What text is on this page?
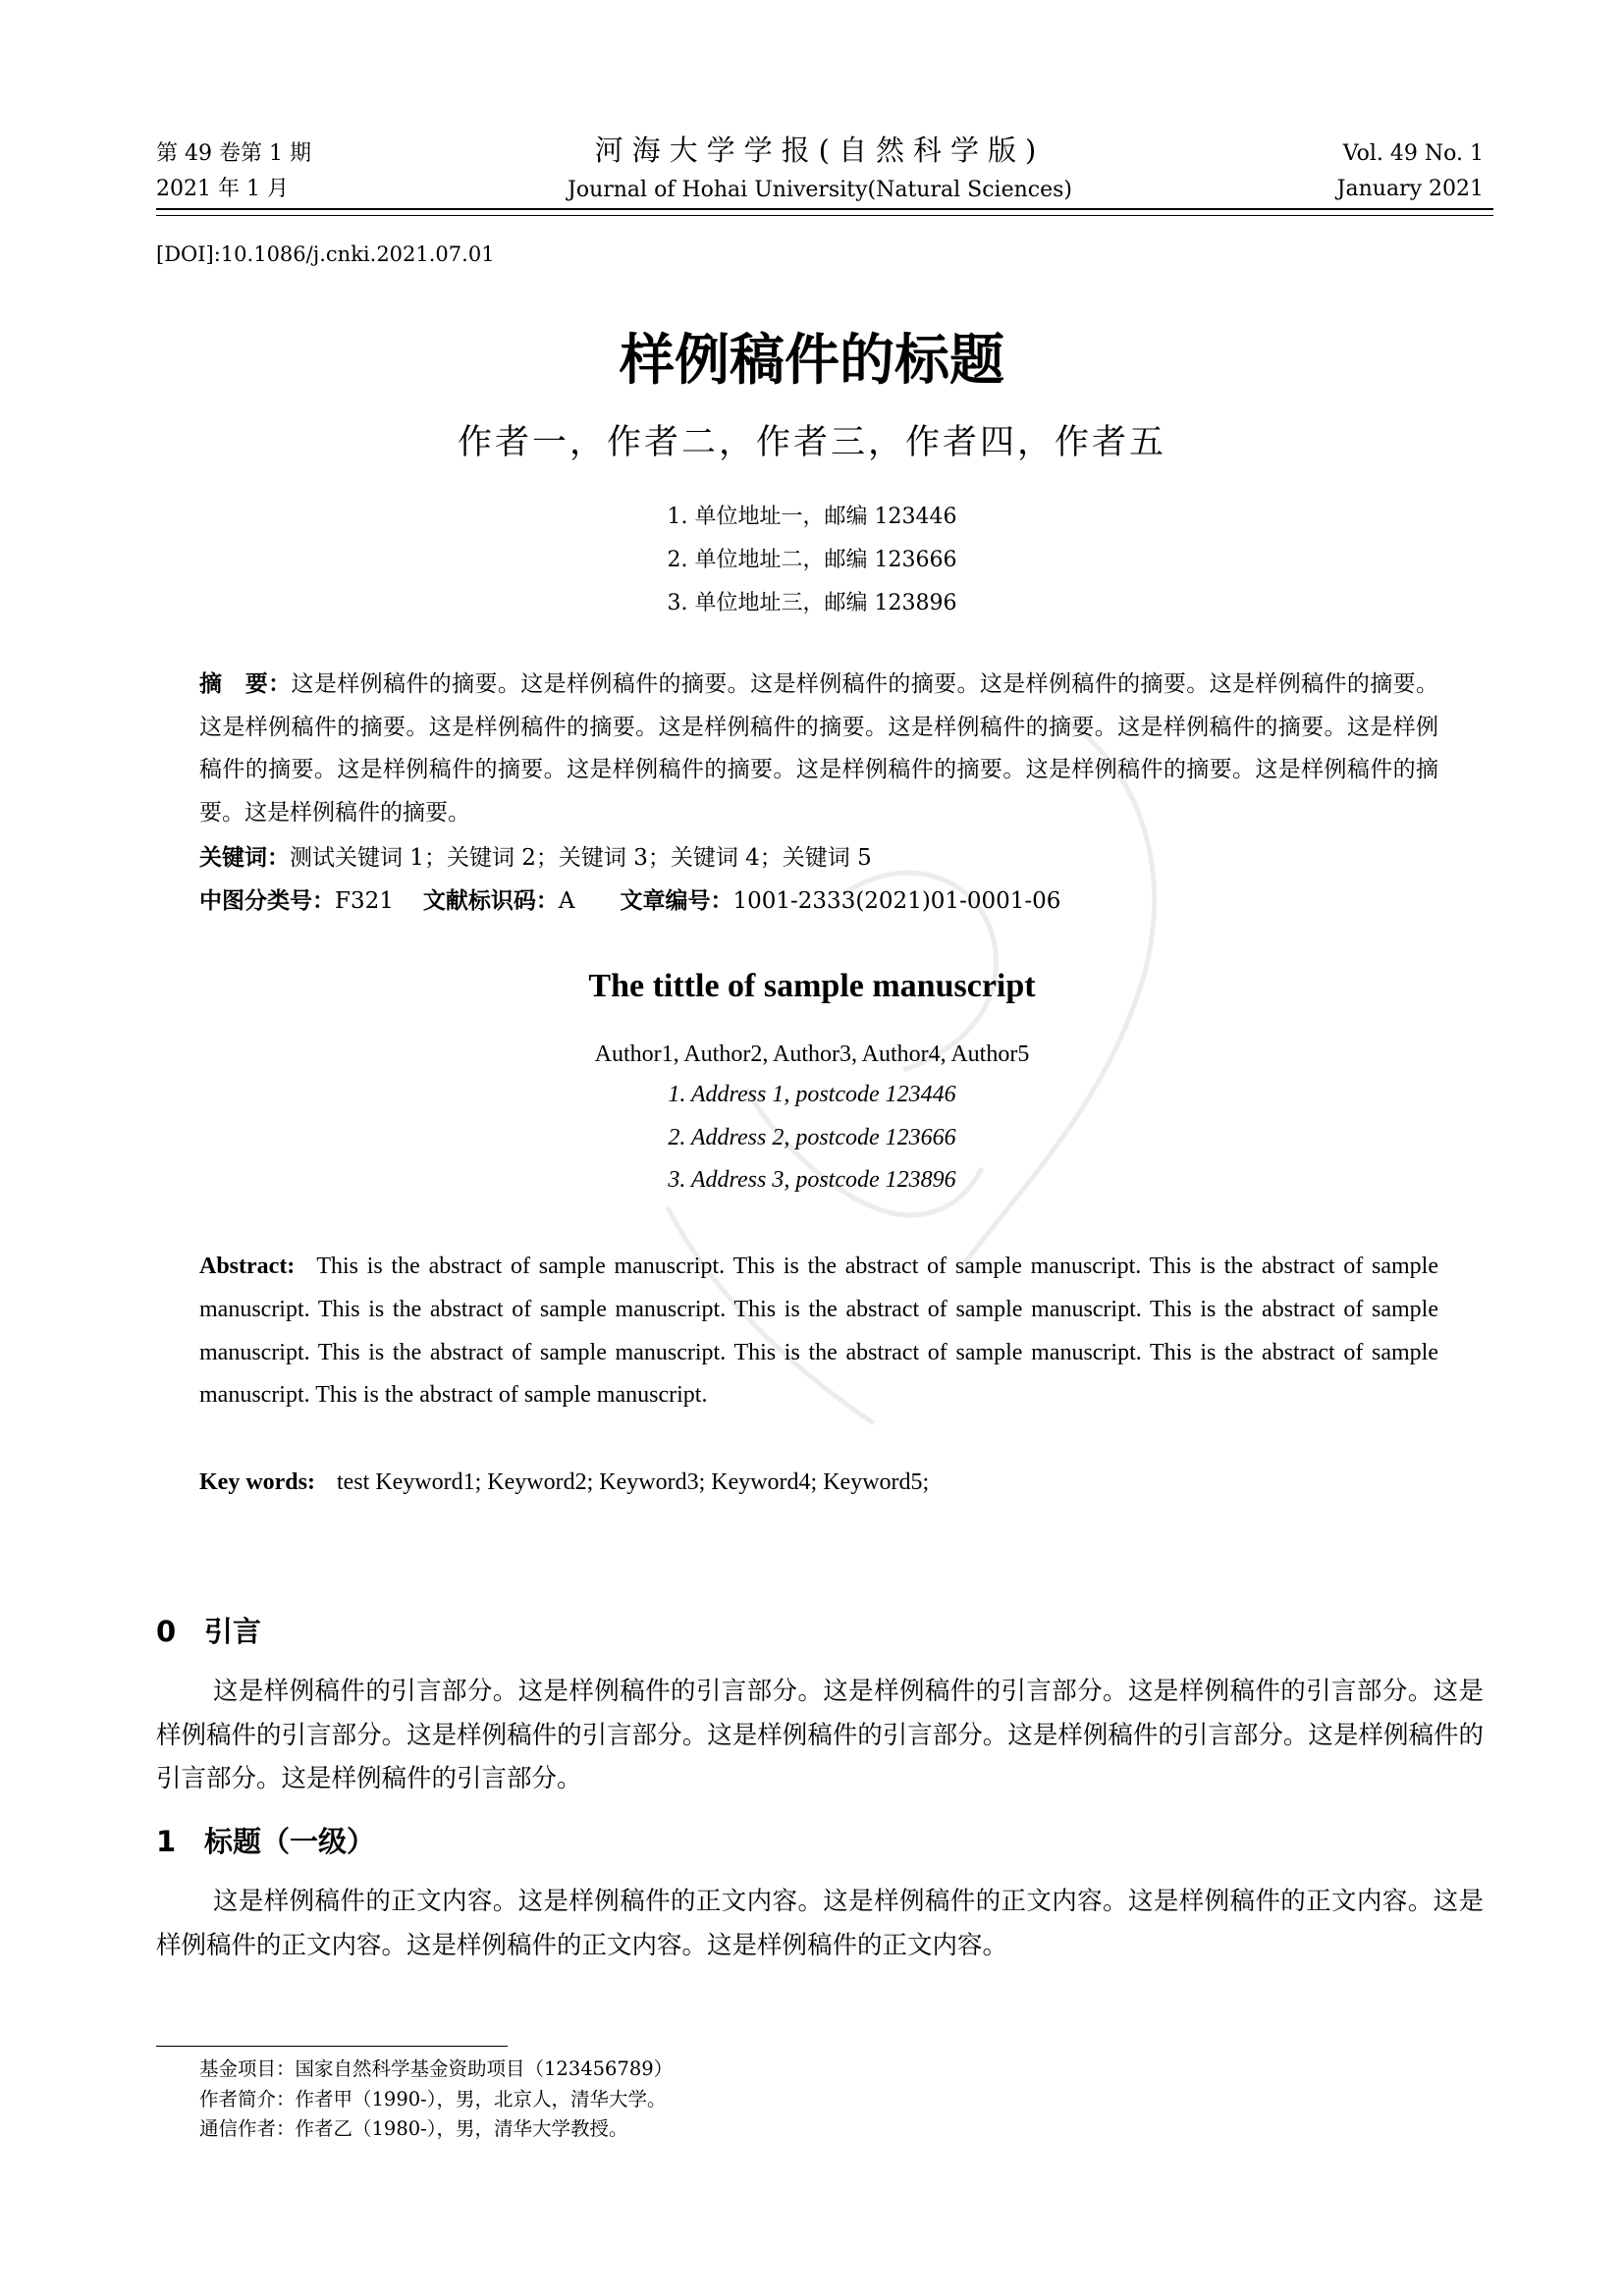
第 49 卷第 1 期
2021 年 1 月
河海大学学报(自然科学版)
Journal of Hohai University(Natural Sciences)
Vol. 49 No. 1
January 2021
[DOI]:10.1086/j.cnki.2021.07.01
样例稿件的标题
作者一，作者二，作者三，作者四，作者五
1. 单位地址一，邮编 123446
2. 单位地址二，邮编 123666
3. 单位地址三，邮编 123896
摘　要：这是样例稿件的摘要。这是样例稿件的摘要。这是样例稿件的摘要。这是样例稿件的摘要。这是样例稿件的摘要。这是样例稿件的摘要。这是样例稿件的摘要。这是样例稿件的摘要。这是样例稿件的摘要。这是样例稿件的摘要。这是样例稿件的摘要。这是样例稿件的摘要。这是样例稿件的摘要。这是样例稿件的摘要。这是样例稿件的摘要。这是样例稿件的摘要。这是样例稿件的摘要。
关键词：测试关键词 1；关键词 2；关键词 3；关键词 4；关键词 5
中图分类号：F321 文献标识码：A 文章编号：1001-2333(2021)01-0001-06
The tittle of sample manuscript
Author1, Author2, Author3, Author4, Author5
1. Address 1, postcode 123446
2. Address 2, postcode 123666
3. Address 3, postcode 123896
Abstract: This is the abstract of sample manuscript. This is the abstract of sample manuscript. This is the abstract of sample manuscript. This is the abstract of sample manuscript. This is the abstract of sample manuscript. This is the abstract of sample manuscript. This is the abstract of sample manuscript. This is the abstract of sample manuscript. This is the abstract of sample manuscript. This is the abstract of sample manuscript.
Key words: test Keyword1; Keyword2; Keyword3; Keyword4; Keyword5;
0 引言
这是样例稿件的引言部分。这是样例稿件的引言部分。这是样例稿件的引言部分。这是样例稿件的引言部分。这是样例稿件的引言部分。这是样例稿件的引言部分。这是样例稿件的引言部分。这是样例稿件的引言部分。这是样例稿件的引言部分。这是样例稿件的引言部分。
1 标题（一级）
这是样例稿件的正文内容。这是样例稿件的正文内容。这是样例稿件的正文内容。这是样例稿件的正文内容。这是样例稿件的正文内容。这是样例稿件的正文内容。这是样例稿件的正文内容。
基金项目：国家自然科学基金资助项目（123456789）
作者简介：作者甲（1990-），男，北京人，清华大学。
通信作者：作者乙（1980-），男，清华大学教授。
